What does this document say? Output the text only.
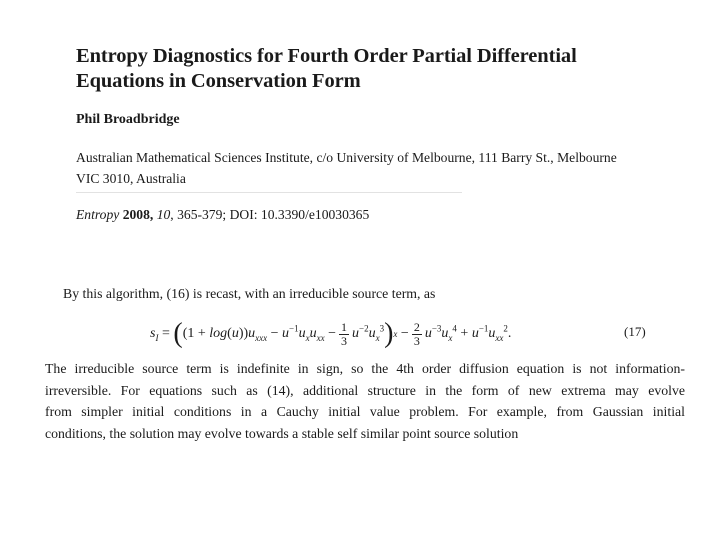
Entropy Diagnostics for Fourth Order Partial Differential
Equations in Conservation Form
Phil Broadbridge
Australian Mathematical Sciences Institute, c/o University of Melbourne, 111 Barry St., Melbourne
VIC 3010, Australia
Entropy 2008, 10, 365-379; DOI: 10.3390/e10030365
By this algorithm, (16) is recast, with an irreducible source term, as
$s_I$ = ( $(1 + \log(u))u_{xxx} - u^{-1}u_xu_{xx} - \frac{1}{3} u^{-2}u_x^3$ ) $x - \frac{2}{3} u^{-3}u_x^4 + u^{-1}u_{xx}^2$.	(17)
The irreducible source term is indefinite in sign, so the 4th order diffusion equation is not information-
irreversible. For equations such as (14), additional structure in the form of new extrema may evolve
from simpler initial conditions in a Cauchy initial value problem. For example, from Gaussian initial
conditions, the solution may evolve towards a stable self similar point source solution
